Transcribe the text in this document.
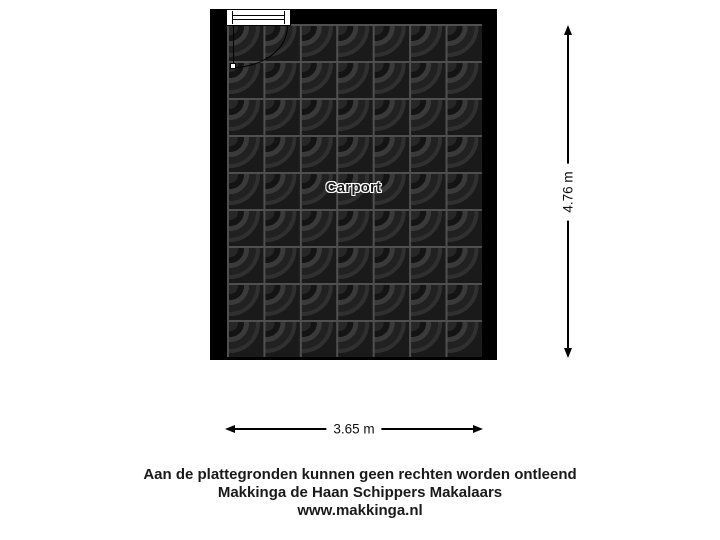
Carport	4.76 m
3.65 m
Aan de plattegronden kunnen geen rechten worden ontleend
Makkinga de Haan Schippers Makalaars
www.makkinga.nl
